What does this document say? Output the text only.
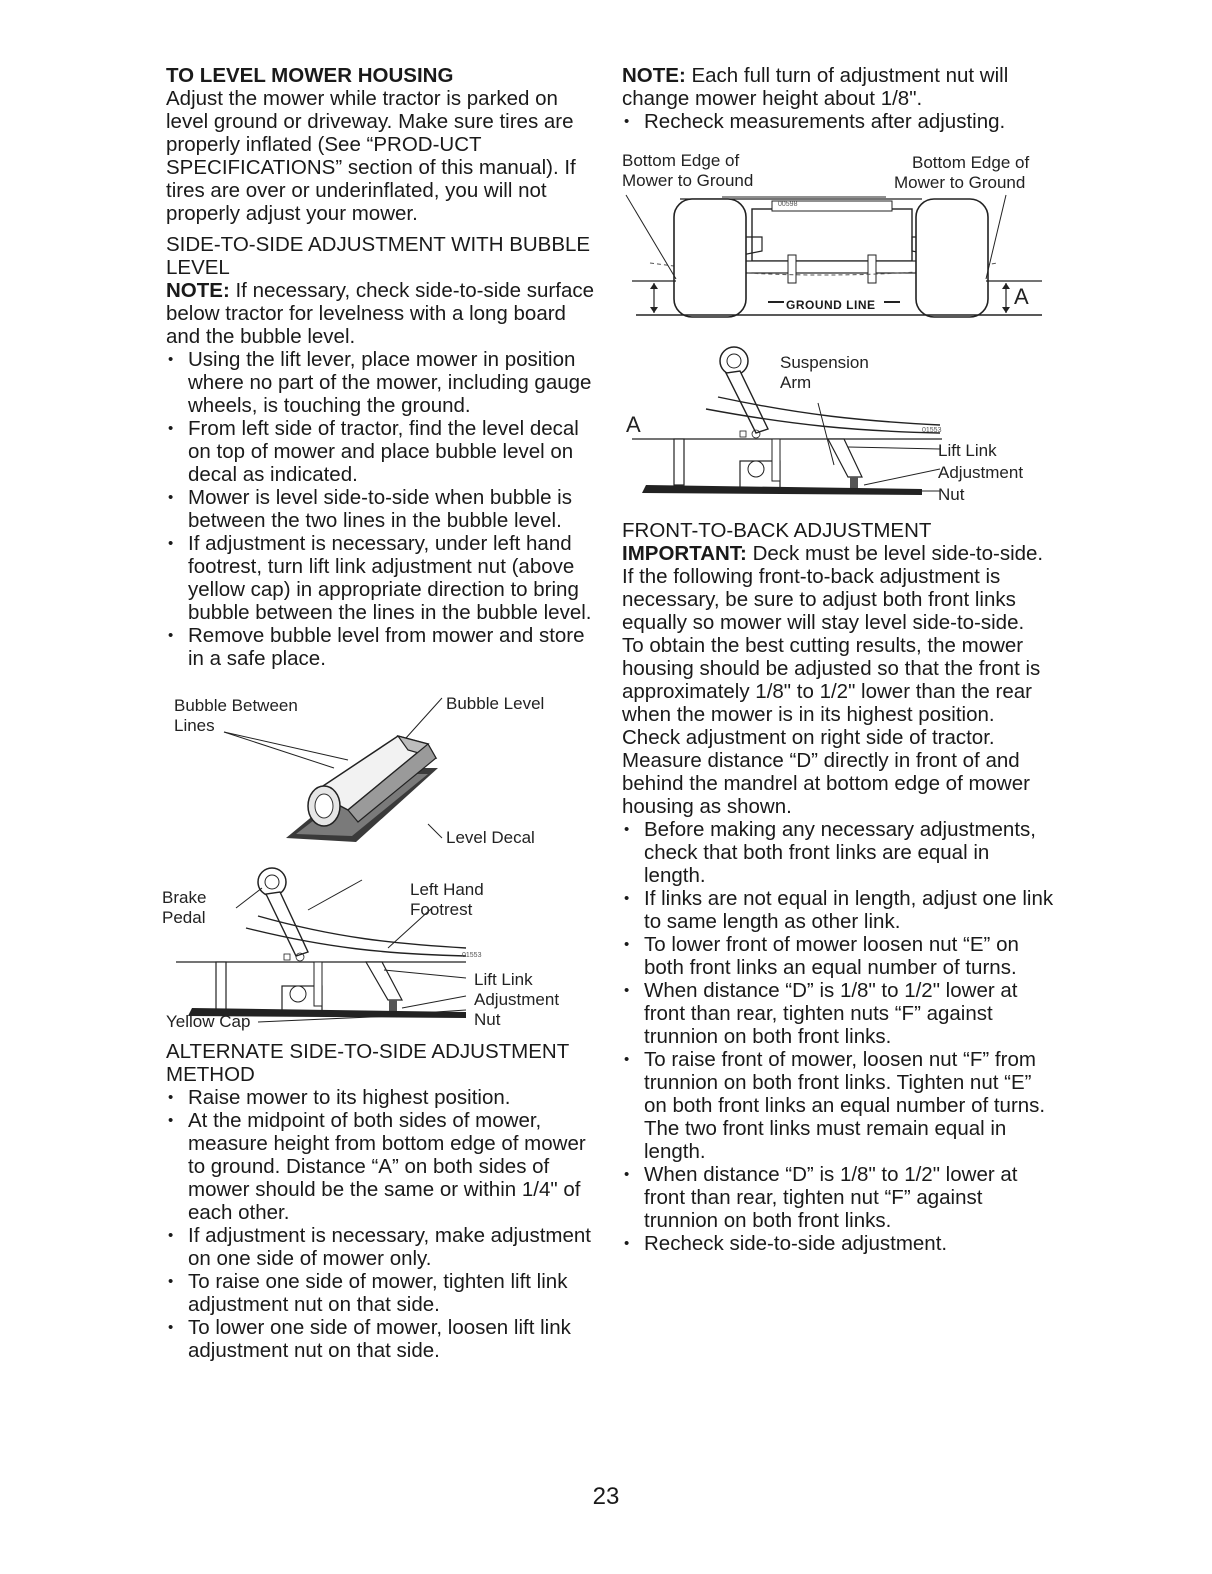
TO LEVEL MOWER HOUSING

Adjust the mower while tractor is parked on level ground or driveway. Make sure tires are properly inflated (See “PROD-UCT SPECIFICATIONS” section of this manual). If tires are over or underinflated, you will not properly adjust your mower.

SIDE-TO-SIDE ADJUSTMENT WITH BUBBLE LEVEL

NOTE: If necessary, check side-to-side surface below tractor for levelness with a long board and the bubble level.

• Using the lift lever, place mower in position where no part of the mower, including gauge wheels, is touching the ground.
• From left side of tractor, find the level decal on top of mower and place bubble level on decal as indicated.
• Mower is level side-to-side when bubble is between the two lines in the bubble level.
• If adjustment is necessary, under left hand footrest, turn lift link adjustment nut (above yellow cap) in appropriate direction to bring bubble between the lines in the bubble level.
• Remove bubble level from mower and store in a safe place.
Bubble Between
Lines
Bubble Level
Level Decal
Brake
Pedal
Left Hand
Footrest
01553
Lift Link
Adjustment
Nut
Yellow Cap
ALTERNATE SIDE-TO-SIDE ADJUSTMENT METHOD
• Raise mower to its highest position.
• At the midpoint of both sides of mower, measure height from bottom edge of mower to ground. Distance “A” on both sides of mower should be the same or within 1/4" of each other.
• If adjustment is necessary, make adjustment on one side of mower only.
• To raise one side of mower, tighten lift link adjustment nut on that side.
• To lower one side of mower, loosen lift link adjustment nut on that side.

NOTE: Each full turn of adjustment nut will change mower height about 1/8".

• Recheck measurements after adjusting.
Bottom Edge of
Mower to Ground
Bottom Edge of
Mower to Ground
00598
GROUND LINE	A
Suspension
Arm
A	01553
Lift Link
Adjustment
Nut
FRONT-TO-BACK ADJUSTMENT

IMPORTANT: Deck must be level side-to-side. If the following front-to-back adjustment is necessary, be sure to adjust both front links equally so mower will stay level side-to-side.

To obtain the best cutting results, the mower housing should be adjusted so that the front is approximately 1/8" to 1/2" lower than the rear when the mower is in its highest position.

Check adjustment on right side of tractor. Measure distance “D” directly in front of and behind the mandrel at bottom edge of mower housing as shown.

• Before making any necessary adjustments, check that both front links are equal in length.
• If links are not equal in length, adjust one link to same length as other link.
• To lower front of mower loosen nut “E” on both front links an equal number of turns.
• When distance “D” is 1/8" to 1/2" lower at front than rear, tighten nuts “F” against trunnion on both front links.
• To raise front of mower, loosen nut “F” from trunnion on both front links. Tighten nut “E” on both front links an equal number of turns. The two front links must remain equal in length.
• When distance “D” is 1/8" to 1/2" lower at front than rear, tighten nut “F” against trunnion on both front links.
• Recheck side-to-side adjustment.
23
